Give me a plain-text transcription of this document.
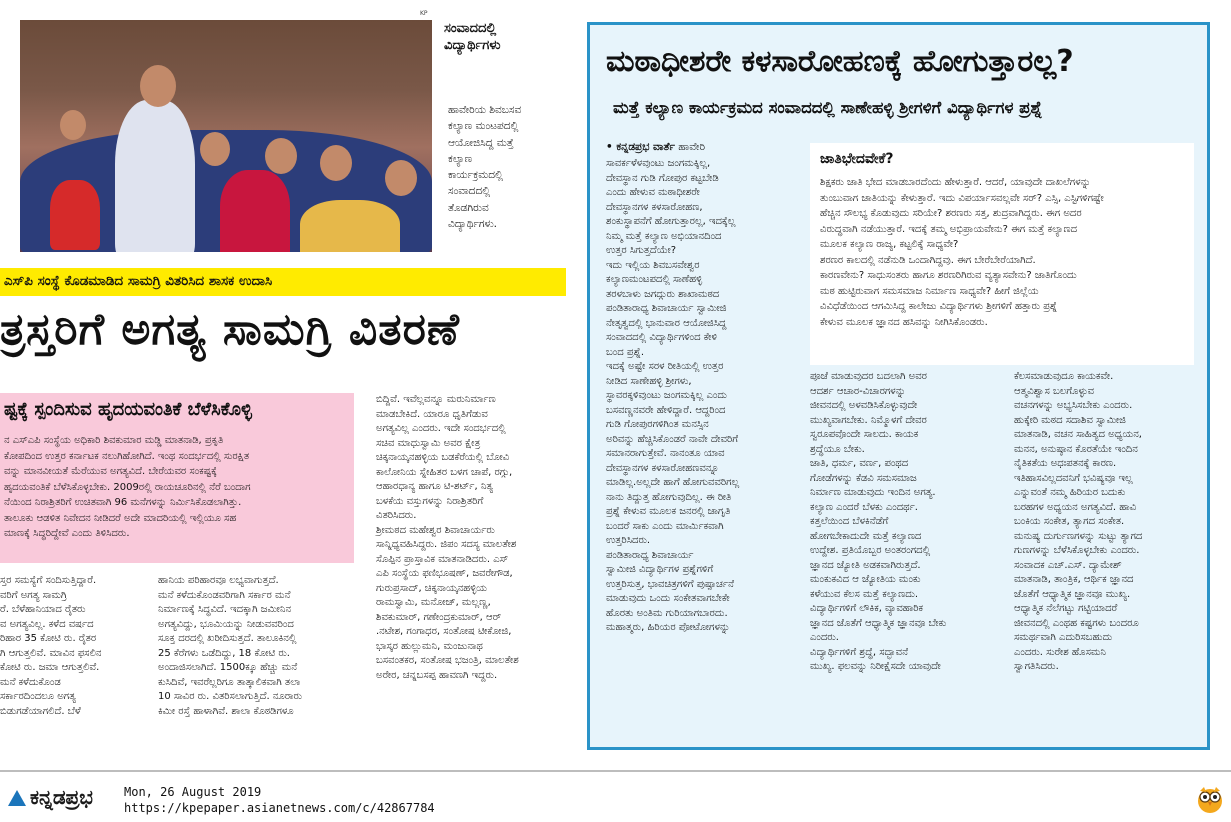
KP
ಸಂವಾದದಲ್ಲಿ
ವಿದ್ಯಾರ್ಥಿಗಳು
ಹಾವೇರಿಯ ಶಿವಬಸವ
ಕಲ್ಯಾಣ ಮಂಟಪದಲ್ಲಿ
ಆಯೋಜಿಸಿದ್ದ ಮತ್ತೆ
ಕಲ್ಯಾಣ
ಕಾರ್ಯಕ್ರಮದಲ್ಲಿ
ಸಂವಾದದಲ್ಲಿ
ತೊಡಗಿರುವ
ವಿದ್ಯಾರ್ಥಿಗಳು.
ಎಸ್‌ಪಿ ಸಂಸ್ಥೆ ಕೊಡಮಾಡಿದ ಸಾಮಗ್ರಿ ವಿತರಿಸಿದ ಶಾಸಕ ಉದಾಸಿ
ತ್ರಸ್ತರಿಗೆ ಅಗತ್ಯ ಸಾಮಗ್ರಿ ವಿತರಣೆ
ಷ್ಟಕ್ಕೆ ಸ್ಪಂದಿಸುವ ಹೃದಯವಂತಿಕೆ ಬೆಳೆಸಿಕೊಳ್ಳಿ
ನ ಎಸ್‌ಎಪಿ ಸಂಸ್ಥೆಯ ಅಧಿಕಾರಿ ಶಿವಕುಮಾರ ಮಡ್ಡಿ ಮಾತನಾಡಿ, ಪ್ರಕೃತಿ
ಕೋಪದಿಂದ ಉತ್ತರ ಕರ್ನಾಟಕ ನಲುಗಿಹೋಗಿದೆ. ಇಂಥ ಸಂದರ್ಭದಲ್ಲಿ ಸುರಕ್ಷಿತ
ವನ್ನು ಮಾನವೀಯತೆ ಮೆರೆಯುವ ಅಗತ್ಯವಿದೆ. ಬೇರೆಯವರ ಸಂಕಷ್ಟಕ್ಕೆ
ಹೃದಯವಂತಿಕೆ ಬೆಳೆಸಿಕೊಳ್ಳಬೇಕು. 2009ರಲ್ಲಿ ರಾಯಚೂರಿನಲ್ಲಿ ನೆರೆ ಬಂದಾಗ
ನೆಯಿಂದ ನಿರಾಶ್ರಿತರಿಗೆ ಉಚಿತವಾಗಿ 96 ಮನೆಗಳನ್ನು ನಿರ್ಮಿಸಿಕೊಡಲಾಗಿತ್ತು.
ತಾಲೂಕು ಆಡಳಿತ ನಿವೇದನ ನೀಡಿದರೆ ಅದೇ ಮಾದರಿಯಲ್ಲಿ ಇಲ್ಲಿಯೂ ಸಹ
ಮಾಣಕ್ಕೆ ಸಿದ್ಧರಿದ್ದೇವೆ ಎಂದು ತಿಳಿಸಿದರು.
ಸ್ತರ ಸಮಸ್ಯೆಗೆ ಸಂದಿಸುತ್ತಿದ್ದಾರೆ.
ವರಿಗೆ ಅಗತ್ಯ ಸಾಮಗ್ರಿ
ರೆ. ಬೆಳೆಹಾನಿಯಾದ ರೈತರು
ವ ಅಗತ್ಯವಿಲ್ಲ. ಕಳೆದ ವರ್ಷದ
ರಿಹಾರ 35 ಕೋಟಿ ರು. ರೈತರ
ಗಿ ಆಗುತ್ತಲಿವೆ. ಮಾವಿನ ಫಸಲಿನ
ಕೋಟಿ ರು. ಜಮಾ ಆಗುತ್ತಲಿವೆ.
ಮನೆ ಕಳೆದುಕೊಂಡ
ಸರ್ಕಾರದಿಂದಲೂ ಅಗತ್ಯ
ಬಿಡುಗಡೆಯಾಗಲಿದೆ. ಬೆಳೆ
ಹಾನಿಯ ಪರಿಹಾರವೂ ಲಭ್ಯವಾಗುತ್ತದೆ.
ಮನೆ ಕಳೆದುಕೊಂಡವರಿಗಾಗಿ ಸರ್ಕಾರ ಮನೆ
ನಿರ್ಮಾಣಕ್ಕೆ ಸಿದ್ಧವಿದೆ. ಇದಕ್ಕಾಗಿ ಜಮೀನಿನ
ಅಗತ್ಯವಿದ್ದು, ಭೂಮಿಯನ್ನು ನೀಡುವವರಿಂದ
ಸೂಕ್ತ ದರದಲ್ಲಿ ಖರೀದಿಸುತ್ತದೆ. ತಾಲೂಕಿನಲ್ಲಿ
25 ಕೆರೆಗಳು ಒಡೆದಿದ್ದು, 18 ಕೋಟಿ ರು.
ಅಂದಾಜಿಸಲಾಗಿದೆ. 1500ಕ್ಕೂ ಹೆಚ್ಚು ಮನೆ
ಕುಸಿದಿವೆ, ಇವರೆಲ್ಲರಿಗೂ ತಾತ್ಕಾಲಿಕವಾಗಿ ತಲಾ
10 ಸಾವಿರ ರು. ವಿತರಿಸಲಾಗುತ್ತಿದೆ. ನೂರಾರು
ಕಿಮೀ ರಸ್ತೆ ಹಾಳಾಗಿವೆ. ಶಾಲಾ ಕೊಠಡಿಗಳೂ
ಬಿದ್ದಿವೆ. ಇವೆಲ್ಲವನ್ನೂ ಮರುನಿರ್ಮಾಣ
ಮಾಡಬೇಕಿದೆ. ಯಾರೂ ಧೃತಿಗೆಡುವ
ಅಗತ್ಯವಿಲ್ಲ ಎಂದರು. ಇದೇ ಸಂದರ್ಭದಲ್ಲಿ
ಸಚಿವ ಮಾಧುಸ್ವಾಮಿ ಅವರ ಕ್ಷೇತ್ರ
ಚಿಕ್ಕನಾಯ್ಕನಹಳ್ಳಿಯ ಬಡಕೆರೆಯಲ್ಲಿ ಬೋವಿ
ಕಾಲೋನಿಯ ಸ್ನೇಹಿತರ ಬಳಗ ಚಾಪೆ, ರಗ್ಗು,
ಆಹಾರಧಾನ್ಯ ಹಾಗೂ ಟಿ-ಶರ್ಟ್, ನಿತ್ಯ
ಬಳಕೆಯ ವಸ್ತುಗಳನ್ನು ನಿರಾಶ್ರಿತರಿಗೆ
ವಿತರಿಸಿದರು.
ಶ್ರೀಮಠದ ಮಹೇಶ್ವರ ಶಿವಾಚಾರ್ಯರು
ಸಾನ್ನಿಧ್ಯವಹಿಸಿದ್ದರು. ಜಿಪಂ ಸದಸ್ಯ ಮಾಲತೇಶ
ಸೊಪ್ಪಿನ ಪ್ರಾಸ್ತಾವಿಕ ಮಾತನಾಡಿದರು. ಎಸ್
ಎಪಿ ಸಂಸ್ಥೆಯ ಫಣಿಭೂಷಣ್, ಜವರೇಗೌಡ,
ಗುರುಪ್ರಸಾದ್, ಚಿಕ್ಕನಾಯ್ಕನಹಳ್ಳಿಯ
ರಾಮಸ್ವಾಮಿ, ಮನೋಜ್, ಮಲ್ಲಣ್ಣ,
ಶಿವಕುಮಾರ್, ಗಣೇಂದ್ರಕುಮಾರ್, ಆರ್
.ನಟೇಶ, ಗಂಗಾಧರ, ಸಂತೋಷ ಟೀಕೋಜಿ,
ಭಾಸ್ಕರ ಹುಲ್ಲುಮನಿ, ಮಂಜುನಾಥ
ಬಸವಂತಕರ, ಸಂತೋಷ ಭಜಂತ್ರಿ, ಮಾಲತೇಶ
ಅರೇರ, ಚನ್ನಬಸಪ್ಪ ಹಾವಣಗಿ ಇದ್ದರು.
ಮಠಾಧೀಶರೇ ಕಳಸಾರೋಹಣಕ್ಕೆ ಹೋಗುತ್ತಾರಲ್ಲ?
ಮತ್ತೆ ಕಲ್ಯಾಣ ಕಾರ್ಯಕ್ರಮದ ಸಂವಾದದಲ್ಲಿ ಸಾಣೇಹಳ್ಳಿ ಶ್ರೀಗಳಿಗೆ ವಿದ್ಯಾರ್ಥಿಗಳ ಪ್ರಶ್ನೆ
• ಕನ್ನಡಪ್ರಭ ವಾರ್ತೆ ಹಾವೇರಿ
ಸಾವರ್ಕಳೆಳವುಂಟು ಜಂಗಮಕ್ಕಿಲ್ಲ,
ದೇವಸ್ಥಾನ ಗುಡಿ ಗೋಪುರ ಕಟ್ಟಬೇಡಿ
ಎಂದು ಹೇಳುವ ಮಠಾಧೀಶರೇ
ದೇವಸ್ಥಾನಗಳ ಕಳಸಾರೋಹಣ,
ಶಂಕುಸ್ಥಾಪನೆಗೆ ಹೋಗುತ್ತಾರಲ್ಲ, ಇದಕ್ಕೆಲ್ಲ
ನಿಮ್ಮ ಮತ್ತೆ ಕಲ್ಯಾಣ ಅಭಿಯಾನದಿಂದ
ಉತ್ತರ ಸಿಗುತ್ತದೆಯೇ?
ಇದು ಇಲ್ಲಿಯ ಶಿವಬಸವೇಶ್ವರ
ಕಲ್ಯಾಣಮಂಟಪದಲ್ಲಿ ಸಾಣೆಹಳ್ಳಿ
ತರಳಬಾಳು ಜಗದ್ಗುರು ಶಾಖಾಮಠದ
ಪಂಡಿತಾರಾಧ್ಯ ಶಿವಾಚಾರ್ಯ ಸ್ವಾಮೀಜಿ
ನೇತೃತ್ವದಲ್ಲಿ ಭಾನುವಾರ ಆಯೋಜಿಸಿದ್ದ
ಸಂವಾದದಲ್ಲಿ ವಿದ್ಯಾರ್ಥಿಗಳಿಂದ ಕೇಳಿ
ಬಂದ ಪ್ರಶ್ನೆ.
ಇದಕ್ಕೆ ಅಷ್ಟೇ ಸರಳ ರೀತಿಯಲ್ಲಿ ಉತ್ತರ
ನೀಡಿದ ಸಾಣೇಹಳ್ಳಿ ಶ್ರೀಗಳು,
ಸ್ಥಾವರಕ್ಕಳಿವುಂಟು ಜಂಗಮಕ್ಕಿಲ್ಲ ಎಂದು
ಬಸವಣ್ಣನವರೇ ಹೇಳಿದ್ದಾರೆ. ಆದ್ದರಿಂದ
ಗುಡಿ ಗೋಪುರಗಳಿಗಿಂತ ಮನಸ್ಸಿನ
ಅರಿವನ್ನು ಹೆಚ್ಚಿಸಿಕೊಂಡರೆ ನಾವೇ ದೇವರಿಗೆ
ಸಮಾನರಾಗುತ್ತೇವೆ. ನಾನಂತೂ ಯಾವ
ದೇವಸ್ಥಾನಗಳ ಕಳಸಾರೋಹಣವನ್ನೂ
ಮಾಡಿಲ್ಲ.ಅಲ್ಲದೇ ಹಾಗೆ ಹೋಗುವವರಿಗಲ್ಲ
ನಾನು ತಿದ್ದುತ್ತ ಹೋಗುವುದಿಲ್ಲ. ಈ ರೀತಿ
ಪ್ರಶ್ನೆ ಕೇಳುವ ಮೂಲಕ ಜನರಲ್ಲಿ ಜಾಗೃತಿ
ಬಂದರೆ ಸಾಕು ಎಂದು ಮಾರ್ಮಿಕವಾಗಿ
ಉತ್ತರಿಸಿದರು.
ಪಂಡಿತಾರಾಧ್ಯ ಶಿವಾಚಾರ್ಯ
ಸ್ವಾಮೀಜಿ ವಿದ್ಯಾರ್ಥಿಗಳ ಪ್ರಶ್ನೆಗಳಿಗೆ
ಉತ್ತರಿಸುತ್ತ, ಭಾವಚಿತ್ರಗಳಿಗೆ ಪುಷ್ಪಾರ್ಚನೆ
ಮಾಡುವುದು ಒಂದು ಸಂಕೇತವಾಗಬೇಕೇ
ಹೊರತು ಅಂತಿಮ ಗುರಿಯಾಗಬಾರದು.
ಮಹಾತ್ಮರು, ಹಿರಿಯರ ಪೋಟೋಗಳನ್ನು
ಜಾತಿಭೇದವೇಕೆ?
ಶಿಕ್ಷಕರು ಜಾತಿ ಭೇದ ಮಾಡಬಾರದೆಂದು ಹೇಳುತ್ತಾರೆ. ಆದರೆ, ಯಾವುದೇ ದಾಖಲೆಗಳನ್ನು
ತುಂಬುವಾಗ ಜಾತಿಯನ್ನು ಕೇಳುತ್ತಾರೆ. ಇದು ವಿಪರ್ಯಾಸವಲ್ಲವೇ ಸರ್? ಎಸ್ಸಿ, ಎಸ್ಟಿಗಳಿಗಷ್ಟೇ
ಹೆಚ್ಚಿನ ಸೌಲಭ್ಯ ಕೊಡುವುದು ಸರಿಯೇ? ಶರಣರು ಸತ್ತ, ಶುದ್ರವಾಗಿದ್ದರು. ಈಗ ಅದರ
ವಿರುದ್ಧವಾಗಿ ನಡೆಯುತ್ತಾರೆ. ಇದಕ್ಕೆ ತಮ್ಮ ಅಭಿಪ್ರಾಯವೇನು? ಈಗ ಮತ್ತೆ ಕಲ್ಯಾಣದ
ಮೂಲಕ ಕಲ್ಯಾಣ ರಾಜ್ಯ, ಕಟ್ಟಲಿಕ್ಕೆ ಸಾಧ್ಯವೇ?
ಶರಣರ ಕಾಲದಲ್ಲಿ ನಡೆನುಡಿ ಒಂದಾಗಿದ್ದವು. ಈಗ ಬೇರೆಬೇರೆಯಾಗಿದೆ.
ಕಾರಣವೇನು? ಸಾಧುಸಂತರು ಹಾಗೂ ಶರಣರಿಗಿರುವ ವ್ಯತ್ಯಾಸವೇನು? ಜಾತಿಗೊಂದು
ಮಠ ಹುಟ್ಟಿರುವಾಗ ಸಮಸಮಾಜ ನಿರ್ಮಾಣ ಸಾಧ್ಯವೇ? ಹೀಗೆ ಜಿಲ್ಲೆಯ
ವಿವಿಧೆಡೆಯಿಂದ ಆಗಮಿಸಿದ್ದ ಕಾಲೇಜು ವಿದ್ಯಾರ್ಥಿಗಳು ಶ್ರೀಗಳಿಗೆ ಹತ್ತಾರು ಪ್ರಶ್ನೆ
ಕೇಳುವ ಮೂಲಕ ಜ್ಞಾನದ ಹಸಿವನ್ನು ನೀಗಿಸಿಕೊಂಡರು.
ಪೂಜೆ ಮಾಡುವುದರ ಬದಲಾಗಿ ಅವರ
ಆದರ್ಶ ಆಚಾರ-ವಿಚಾರಗಳನ್ನು
ಜೀವನದಲ್ಲಿ ಅಳವಡಿಸಿಕೊಳ್ಳುವುದೇ
ಮುಖ್ಯವಾಗಬೇಕು. ನಿಮ್ಮೊಳಗೆ ದೇವರ
ಸ್ವರೂಪವೊಂದೇ ಸಾಲದು. ಕಾಯಕ
ಶ್ರದ್ಧೆಯೂ ಬೇಕು.
ಜಾತಿ, ಧರ್ಮ, ವರ್ಣ, ಪಂಥದ
ಗೋಡೆಗಳನ್ನು ಕೆಡವಿ ಸಮಸಮಾಜ
ನಿರ್ಮಾಣ ಮಾಡುವುದು ಇಂದಿನ ಅಗತ್ಯ.
ಕಲ್ಯಾಣ ಎಂದರೆ ಬೆಳಕು ಎಂದರ್ಥ.
ಕತ್ತಲೆಯಿಂದ ಬೆಳಕಿನೆಡೆಗೆ
ಹೋಗಬೇಕಾದುದೇ ಮತ್ತೆ ಕಲ್ಯಾಣದ
ಉದ್ದೇಶ. ಪ್ರತಿಯೊಬ್ಬರ ಅಂತರಂಗದಲ್ಲಿ
ಜ್ಞಾನದ ಜ್ಯೋತಿ ಅಡಕವಾಗಿರುತ್ತದೆ.
ಮಂಕುಕವಿದ ಆ ಜ್ಯೋತಿಯ ಮಂಕು
ಕಳೆಯುವ ಕೆಲಸ ಮತ್ತೆ ಕಲ್ಯಾಣದು.
ವಿದ್ಯಾರ್ಥಿಗಳಿಗೆ ಲೌಕಿಕ, ವ್ಯಾವಹಾರಿಕ
ಜ್ಞಾನದ ಜೊತೆಗೆ ಆಧ್ಯಾತ್ಮಿಕ ಜ್ಞಾನವೂ ಬೇಕು
ಎಂದರು.
ವಿದ್ಯಾರ್ಥಿಗಳಿಗೆ ಶ್ರದ್ಧೆ, ಸದ್ಭಾವನೆ
ಮುಖ್ಯ. ಫಲವನ್ನು ನಿರೀಕ್ಷೆಸದೇ ಯಾವುದೇ
ಕೆಲಸಮಾಡುವುದೂ ಕಾಯಕವೇ.
ಆತ್ಮವಿಶ್ವಾಸ ಬಲಗೊಳ್ಳುವ
ವಚನಗಳನ್ನು ಅಭ್ಯಸಿಸಬೇಕು ಎಂದರು.
ಹುಕ್ಕೇರಿ ಮಠದ ಸದಾಶಿವ ಸ್ವಾಮೀಜಿ
ಮಾತನಾಡಿ, ವಚನ ಸಾಹಿತ್ಯದ ಅಧ್ಯಯನ,
ಮನನ, ಅನುಷ್ಠಾನ ಕೊರತೆಯೇ ಇಂದಿನ
ನೈತಿಕತೆಯ ಅಧಃಪತನಕ್ಕೆ ಕಾರಣ.
ಇತಿಹಾಸವಿಲ್ಲದವನಿಗೆ ಭವಿಷ್ಯವೂ ಇಲ್ಲ
ಎನ್ನುವಂತೆ ನಮ್ಮ ಹಿರಿಯರ ಬದುಕು
ಬರಹಗಳ ಅಧ್ಯಯನ ಅಗತ್ಯವಿದೆ. ಹಾವಿ
ಬಂಕಿಯ ಸಂಕೇತ, ತ್ಯಾಗದ ಸಂಕೇತ.
ಮನುಷ್ಯ ದುರ್ಗುಣಗಳನ್ನು ಸುಟ್ಟು ತ್ಯಾಗದ
ಗುಣಗಳನ್ನು ಬೆಳೆಸಿಕೊಳ್ಳಬೇಕು ಎಂದರು.
ಸಂವಾದಕ ಎಚ್.ಎಸ್. ದ್ಯಾಮೇಶ್
ಮಾತನಾಡಿ, ತಾಂತ್ರಿಕ, ಆರ್ಥಿಕ ಜ್ಞಾನದ
ಜೊತೆಗೆ ಆಧ್ಯಾತ್ಮಿಕ ಜ್ಞಾನವೂ ಮುಖ್ಯ.
ಆಧ್ಯಾತ್ಮಿಕ ನೆಲೆಗಟ್ಟು ಗಟ್ಟಿಯಾದರೆ
ಜೀವನದಲ್ಲಿ ಎಂಥಹ ಕಷ್ಟಗಳು ಬಂದರೂ
ಸಮರ್ಥವಾಗಿ ಎದುರಿಸಬಹುದು
ಎಂದರು. ಸುರೇಶ ಹೊಸಮನಿ
ಸ್ವಾಗತಿಸಿದರು.
ಕನ್ನಡಪ್ರಭ	Mon, 26 August 2019
https://kpepaper.asianetnews.com/c/42867784
